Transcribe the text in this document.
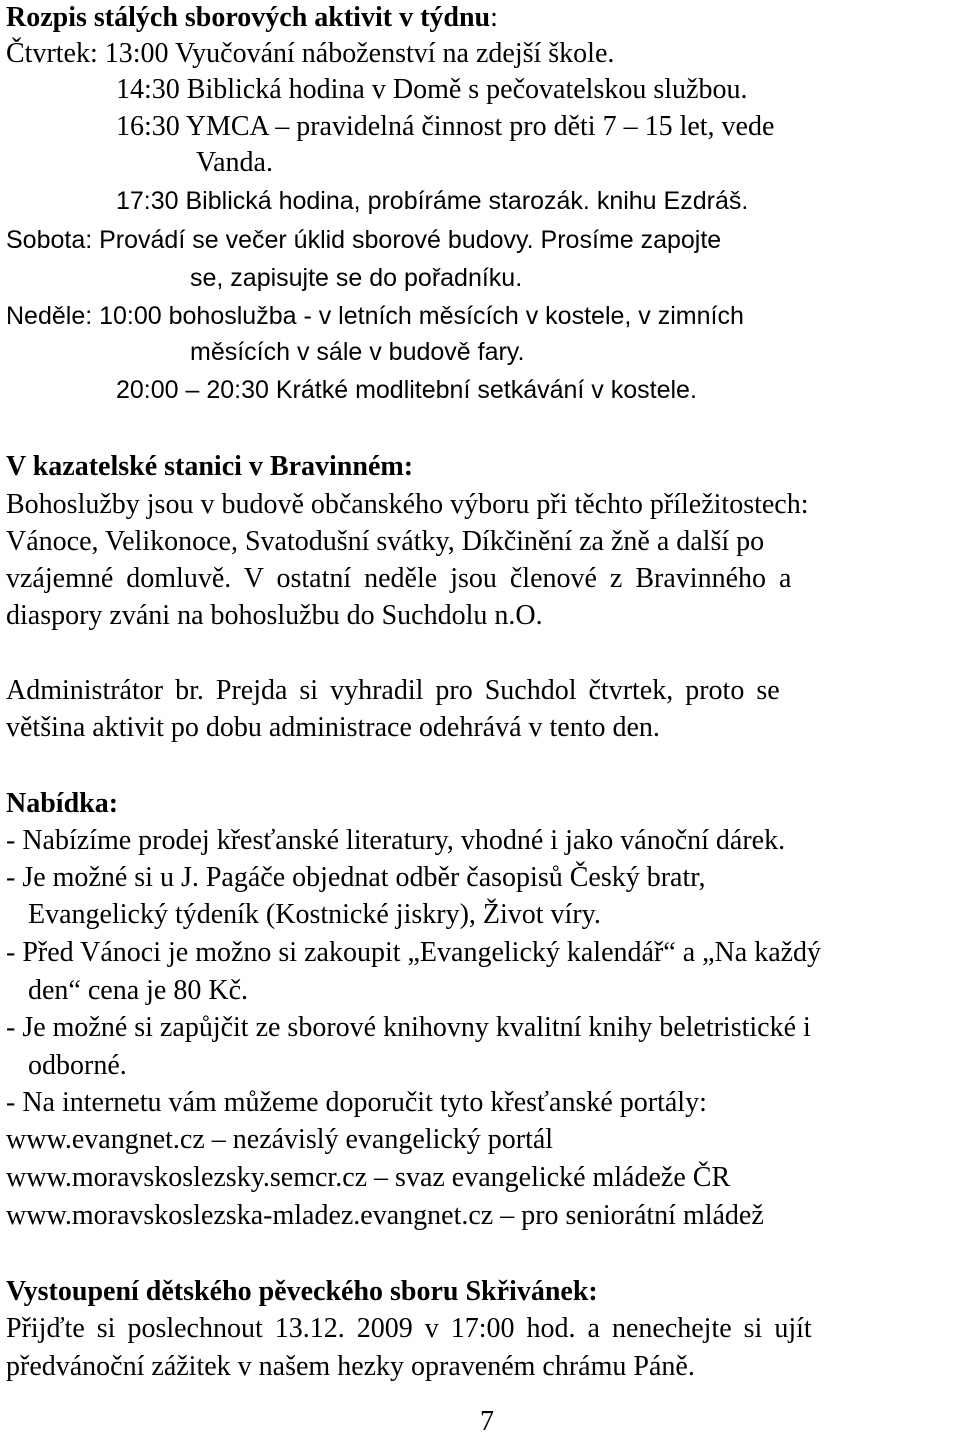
Rozpis stálých sborových aktivit v týdnu:
Čtvrtek: 13:00 Vyučování náboženství na zdejší škole.
14:30 Biblická hodina v Domě s pečovatelskou službou.
16:30 YMCA – pravidelná činnost pro děti 7 – 15 let, vede
Vanda.
17:30 Biblická hodina, probíráme starozák. knihu Ezdráš.
Sobota: Provádí se večer úklid sborové budovy. Prosíme zapojte
se, zapisujte se do pořadníku.
Neděle: 10:00 bohoslužba - v letních měsících v kostele, v zimních
měsících v sále v budově fary.
20:00 – 20:30 Krátké modlitební setkávání v kostele.
V kazatelské stanici v Bravinném:
Bohoslužby jsou v budově občanského výboru při těchto příležitostech:
Vánoce, Velikonoce, Svatodušní svátky, Díkčinění za žně a další po
vzájemné domluvě. V ostatní neděle jsou členové z Bravinného a
diaspory zváni na bohoslužbu do Suchdolu n.O.
Administrátor br. Prejda si vyhradil pro Suchdol čtvrtek, proto se
většina aktivit po dobu administrace odehrává v tento den.
Nabídka:
- Nabízíme prodej křesťanské literatury, vhodné i jako vánoční dárek.
- Je možné si u J. Pagáče objednat odběr časopisů Český bratr,
Evangelický týdeník (Kostnické jiskry), Život víry.
- Před Vánoci je možno si zakoupit „Evangelický kalendář“ a „Na každý
den“ cena je 80 Kč.
- Je možné si zapůjčit ze sborové knihovny kvalitní knihy beletristické i
odborné.
- Na internetu vám můžeme doporučit tyto křesťanské portály:
www.evangnet.cz – nezávislý evangelický portál
www.moravskoslezsky.semcr.cz – svaz evangelické mládeže ČR
www.moravskoslezska-mladez.evangnet.cz – pro seniorátní mládež
Vystoupení dětského pěveckého sboru Skřivánek:
Přijďte si poslechnout 13.12. 2009 v 17:00 hod. a nenechejte si ujít
předvánoční zážitek v našem hezky opraveném chrámu Páně.
7
